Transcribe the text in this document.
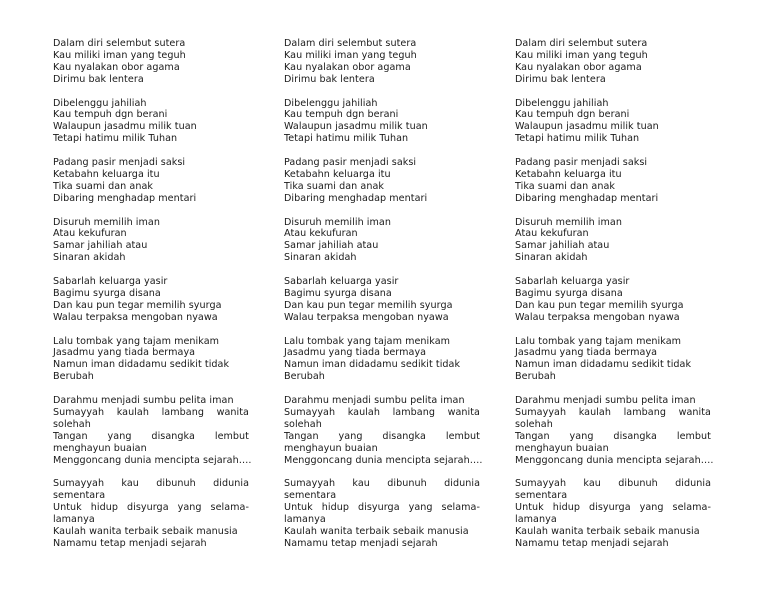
Dalam diri selembut sutera
Kau miliki iman yang teguh
Kau nyalakan obor agama
Dirimu bak lentera
Dibelenggu jahiliah
Kau tempuh dgn berani
Walaupun jasadmu milik tuan
Tetapi hatimu milik Tuhan
Padang pasir menjadi saksi
Ketabahn keluarga itu
Tika suami dan anak
Dibaring menghadap mentari
Disuruh memilih iman
Atau kekufuran
Samar jahiliah atau
Sinaran akidah
Sabarlah keluarga yasir
Bagimu syurga disana
Dan kau pun tegar memilih syurga
Walau terpaksa mengoban nyawa
Lalu tombak yang tajam menikam
Jasadmu yang tiada bermaya
Namun iman didadamu sedikit tidak
Berubah
Darahmu menjadi sumbu pelita iman
Sumayyah kaulah lambang wanita
solehah
Tangan yang disangka lembut
menghayun buaian
Menggoncang dunia mencipta sejarah….
Sumayyah kau dibunuh didunia
sementara
Untuk hidup disyurga yang selama-
lamanya
Kaulah wanita terbaik sebaik manusia
Namamu tetap menjadi sejarah
Dalam diri selembut sutera
Kau miliki iman yang teguh
Kau nyalakan obor agama
Dirimu bak lentera
Dibelenggu jahiliah
Kau tempuh dgn berani
Walaupun jasadmu milik tuan
Tetapi hatimu milik Tuhan
Padang pasir menjadi saksi
Ketabahn keluarga itu
Tika suami dan anak
Dibaring menghadap mentari
Disuruh memilih iman
Atau kekufuran
Samar jahiliah atau
Sinaran akidah
Sabarlah keluarga yasir
Bagimu syurga disana
Dan kau pun tegar memilih syurga
Walau terpaksa mengoban nyawa
Lalu tombak yang tajam menikam
Jasadmu yang tiada bermaya
Namun iman didadamu sedikit tidak
Berubah
Darahmu menjadi sumbu pelita iman
Sumayyah kaulah lambang wanita
solehah
Tangan yang disangka lembut
menghayun buaian
Menggoncang dunia mencipta sejarah….
Sumayyah kau dibunuh didunia
sementara
Untuk hidup disyurga yang selama-
lamanya
Kaulah wanita terbaik sebaik manusia
Namamu tetap menjadi sejarah
Dalam diri selembut sutera
Kau miliki iman yang teguh
Kau nyalakan obor agama
Dirimu bak lentera
Dibelenggu jahiliah
Kau tempuh dgn berani
Walaupun jasadmu milik tuan
Tetapi hatimu milik Tuhan
Padang pasir menjadi saksi
Ketabahn keluarga itu
Tika suami dan anak
Dibaring menghadap mentari
Disuruh memilih iman
Atau kekufuran
Samar jahiliah atau
Sinaran akidah
Sabarlah keluarga yasir
Bagimu syurga disana
Dan kau pun tegar memilih syurga
Walau terpaksa mengoban nyawa
Lalu tombak yang tajam menikam
Jasadmu yang tiada bermaya
Namun iman didadamu sedikit tidak
Berubah
Darahmu menjadi sumbu pelita iman
Sumayyah kaulah lambang wanita
solehah
Tangan yang disangka lembut
menghayun buaian
Menggoncang dunia mencipta sejarah….
Sumayyah kau dibunuh didunia
sementara
Untuk hidup disyurga yang selama-
lamanya
Kaulah wanita terbaik sebaik manusia
Namamu tetap menjadi sejarah
